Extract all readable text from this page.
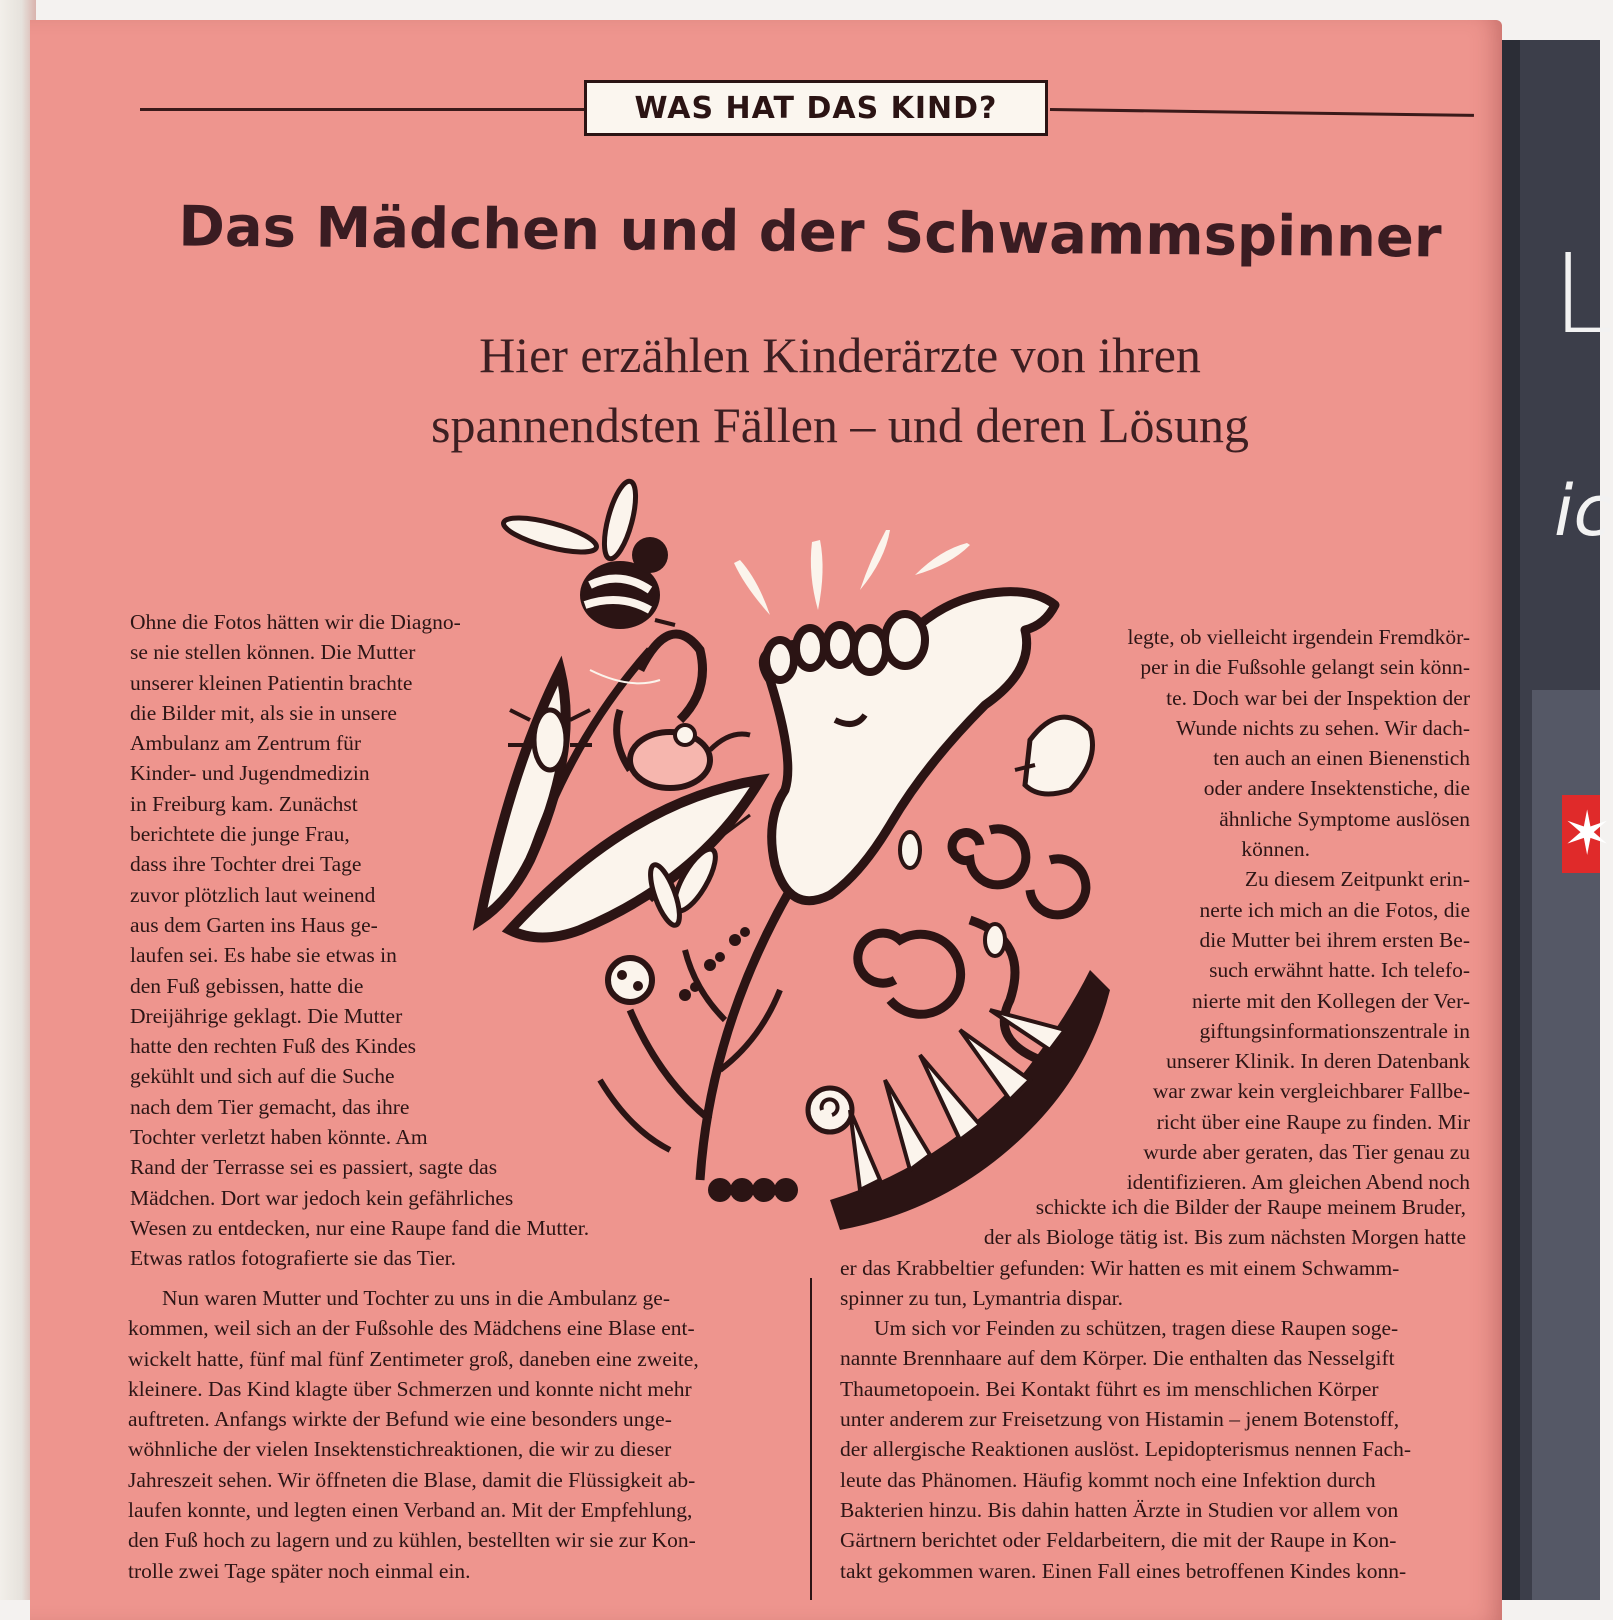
L
ic
✶
WAS HAT DAS KIND?
Das Mädchen und der Schwammspinner
Hier erzählen Kinderärzte von ihren
spannendsten Fällen – und deren Lösung
Ohne die Fotos hätten wir die Diagno-
se nie stellen können. Die Mutter
unserer kleinen Patientin brachte
die Bilder mit, als sie in unsere
Ambulanz am Zentrum für
Kinder- und Jugendmedizin
in Freiburg kam. Zunächst
berichtete die junge Frau,
dass ihre Tochter drei Tage
zuvor plötzlich laut weinend
aus dem Garten ins Haus ge-
laufen sei. Es habe sie etwas in
den Fuß gebissen, hatte die
Dreijährige geklagt. Die Mutter
hatte den rechten Fuß des Kindes
gekühlt und sich auf die Suche
nach dem Tier gemacht, das ihre
Tochter verletzt haben könnte. Am
Rand der Terrasse sei es passiert, sagte das
Mädchen. Dort war jedoch kein gefährliches
Wesen zu entdecken, nur eine Raupe fand die Mutter.
Etwas ratlos fotografierte sie das Tier.
Nun waren Mutter und Tochter zu uns in die Ambulanz ge-
kommen, weil sich an der Fußsohle des Mädchens eine Blase ent-
wickelt hatte, fünf mal fünf Zentimeter groß, daneben eine zweite,
kleinere. Das Kind klagte über Schmerzen und konnte nicht mehr
auftreten. Anfangs wirkte der Befund wie eine besonders unge-
wöhnliche der vielen Insektenstichreaktionen, die wir zu dieser
Jahreszeit sehen. Wir öffneten die Blase, damit die Flüssigkeit ab-
laufen konnte, und legten einen Verband an. Mit der Empfehlung,
den Fuß hoch zu lagern und zu kühlen, bestellten wir sie zur Kon-
trolle zwei Tage später noch einmal ein.
legte, ob vielleicht irgendein Fremdkör-
per in die Fußsohle gelangt sein könn-
te. Doch war bei der Inspektion der
Wunde nichts zu sehen. Wir dach-
ten auch an einen Bienenstich
oder andere Insektenstiche, die
ähnliche Symptome auslösen
können.
Zu diesem Zeitpunkt erin-
nerte ich mich an die Fotos, die
die Mutter bei ihrem ersten Be-
such erwähnt hatte. Ich telefo-
nierte mit den Kollegen der Ver-
giftungsinformationszentrale in
unserer Klinik. In deren Datenbank
war zwar kein vergleichbarer Fallbe-
richt über eine Raupe zu finden. Mir
wurde aber geraten, das Tier genau zu
identifizieren. Am gleichen Abend noch
schickte ich die Bilder der Raupe meinem Bruder,
der als Biologe tätig ist. Bis zum nächsten Morgen hatte
er das Krabbeltier gefunden: Wir hatten es mit einem Schwamm-
spinner zu tun, Lymantria dispar.
Um sich vor Feinden zu schützen, tragen diese Raupen soge-
nannte Brennhaare auf dem Körper. Die enthalten das Nesselgift
Thaumetopoein. Bei Kontakt führt es im menschlichen Körper
unter anderem zur Freisetzung von Histamin – jenem Botenstoff,
der allergische Reaktionen auslöst. Lepidopterismus nennen Fach-
leute das Phänomen. Häufig kommt noch eine Infektion durch
Bakterien hinzu. Bis dahin hatten Ärzte in Studien vor allem von
Gärtnern berichtet oder Feldarbeitern, die mit der Raupe in Kon-
takt gekommen waren. Einen Fall eines betroffenen Kindes konn-
